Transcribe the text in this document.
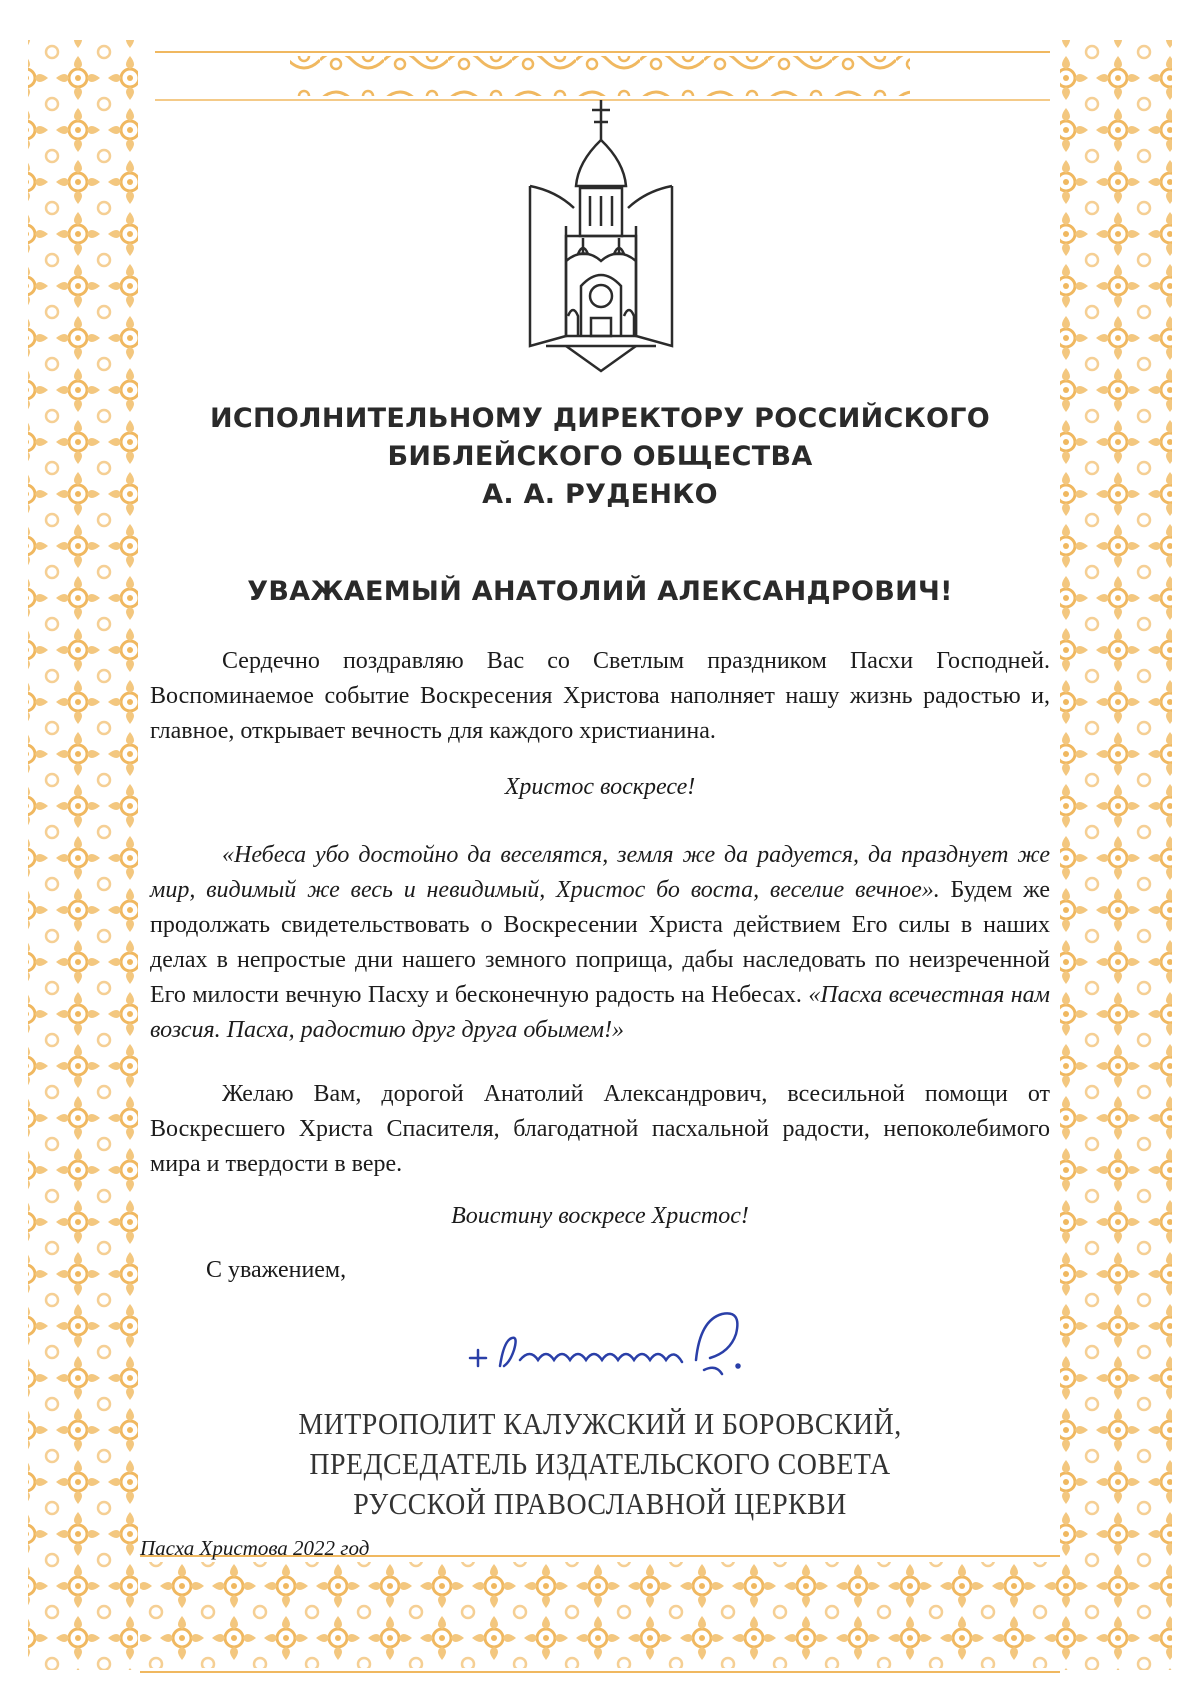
ИСПОЛНИТЕЛЬНОМУ ДИРЕКТОРУ РОССИЙСКОГО
БИБЛЕЙСКОГО ОБЩЕСТВА
А. А. РУДЕНКО
УВАЖАЕМЫЙ АНАТОЛИЙ АЛЕКСАНДРОВИЧ!
Сердечно поздравляю Вас со Светлым праздником Пасхи Господней. Воспоминаемое событие Воскресения Христова наполняет нашу жизнь радостью и, главное, открывает вечность для каждого христианина.
Христос воскресе!
«Небеса убо достойно да веселятся, земля же да радуется, да празднует же мир, видимый же весь и невидимый, Христос бо воста, веселие вечное». Будем же продолжать свидетельствовать о Воскресении Христа действием Его силы в наших делах в непростые дни нашего земного поприща, дабы наследовать по неизреченной Его милости вечную Пасху и бесконечную радость на Небесах. «Пасха всечестная нам возсия. Пасха, радостию друг друга обымем!»
Желаю Вам, дорогой Анатолий Александрович, всесильной помощи от Воскресшего Христа Спасителя, благодатной пасхальной радости, непоколебимого мира и твердости в вере.
Воистину воскресе Христос!
С уважением,
МИТРОПОЛИТ КАЛУЖСКИЙ И БОРОВСКИЙ,
ПРЕДСЕДАТЕЛЬ ИЗДАТЕЛЬСКОГО СОВЕТА
РУССКОЙ ПРАВОСЛАВНОЙ ЦЕРКВИ
Пасха Христова 2022 год
